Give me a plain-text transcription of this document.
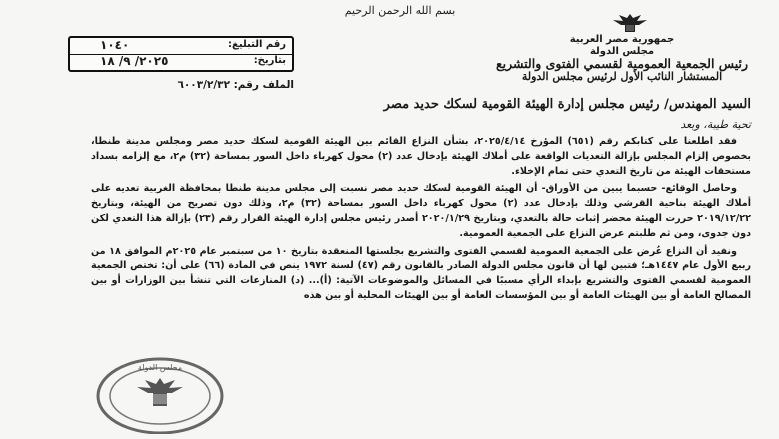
بسم الله الرحمن الرحيم
جمهورية مصر العربية
مجلس الدولة
رئيس الجمعية العمومية لقسمي الفتوى والتشريع
المستشار النائب الأول لرئيس مجلس الدولة
رقم التبليغ:
١٠٤٠
بتاريخ:
٢٠٢٥/ ٩/ ١٨
الملف رقم:
٦٠٠٣/٢/٣٢
السيد المهندس/ رئيس مجلس إدارة الهيئة القومية لسكك حديد مصر
تحية طيبة، وبعد

فقد اطلعنا على كتابكم رقم (٦٥١) المؤرخ ٢٠٢٥/٤/١٤، بشأن النزاع القائم بين الهيئة القومية لسكك حديد مصر ومجلس مدينة طنطا، بخصوص إلزام المجلس بإزالة التعديات الواقعة على أملاك الهيئة بإدخال عدد (٢) محول كهرباء داخل السور بمساحة (٣٢) م٢، مع إلزامه بسداد مستحقات الهيئة من تاريخ التعدي حتى تمام الإخلاء.

وحاصل الوقائع- حسبما يبين من الأوراق- أن الهيئة القومية لسكك حديد مصر نسبت إلى مجلس مدينة طنطا بمحافظة الغربية تعديه على أملاك الهيئة بناحية القرشي وذلك بإدخال عدد (٢) محول كهرباء داخل السور بمساحة (٣٢) م٢، وذلك دون تصريح من الهيئة، وبتاريخ ٢٠١٩/١٢/٢٢ حررت الهيئة محضر إثبات حالة بالتعدي، وبتاريخ ٢٠٢٠/١/٢٩ أصدر رئيس مجلس إدارة الهيئة القرار رقم (٢٣) بإزالة هذا التعدي لكن دون جدوى، ومن ثم طلبتم عرض النزاع على الجمعية العمومية.

ونفيد أن النزاع عُرض على الجمعية العمومية لقسمي الفتوى والتشريع بجلستها المنعقدة بتاريخ ١٠ من سبتمبر عام ٢٠٢٥م الموافق ١٨ من ربيع الأول عام ١٤٤٧هـ؛ فتبين لها أن قانون مجلس الدولة الصادر بالقانون رقم (٤٧) لسنة ١٩٧٢ ينص في المادة (٦٦) على أن: تختص الجمعية العمومية لقسمي الفتوى والتشريع بإبداء الرأي مسببًا في المسائل والموضوعات الآتية: (أ)... (د) المنازعات التي تنشأ بين الوزارات أو بين المصالح العامة أو بين الهيئات العامة أو بين المؤسسات العامة أو بين الهيئات المحلية أو بين هذه

مجلس الدولة
